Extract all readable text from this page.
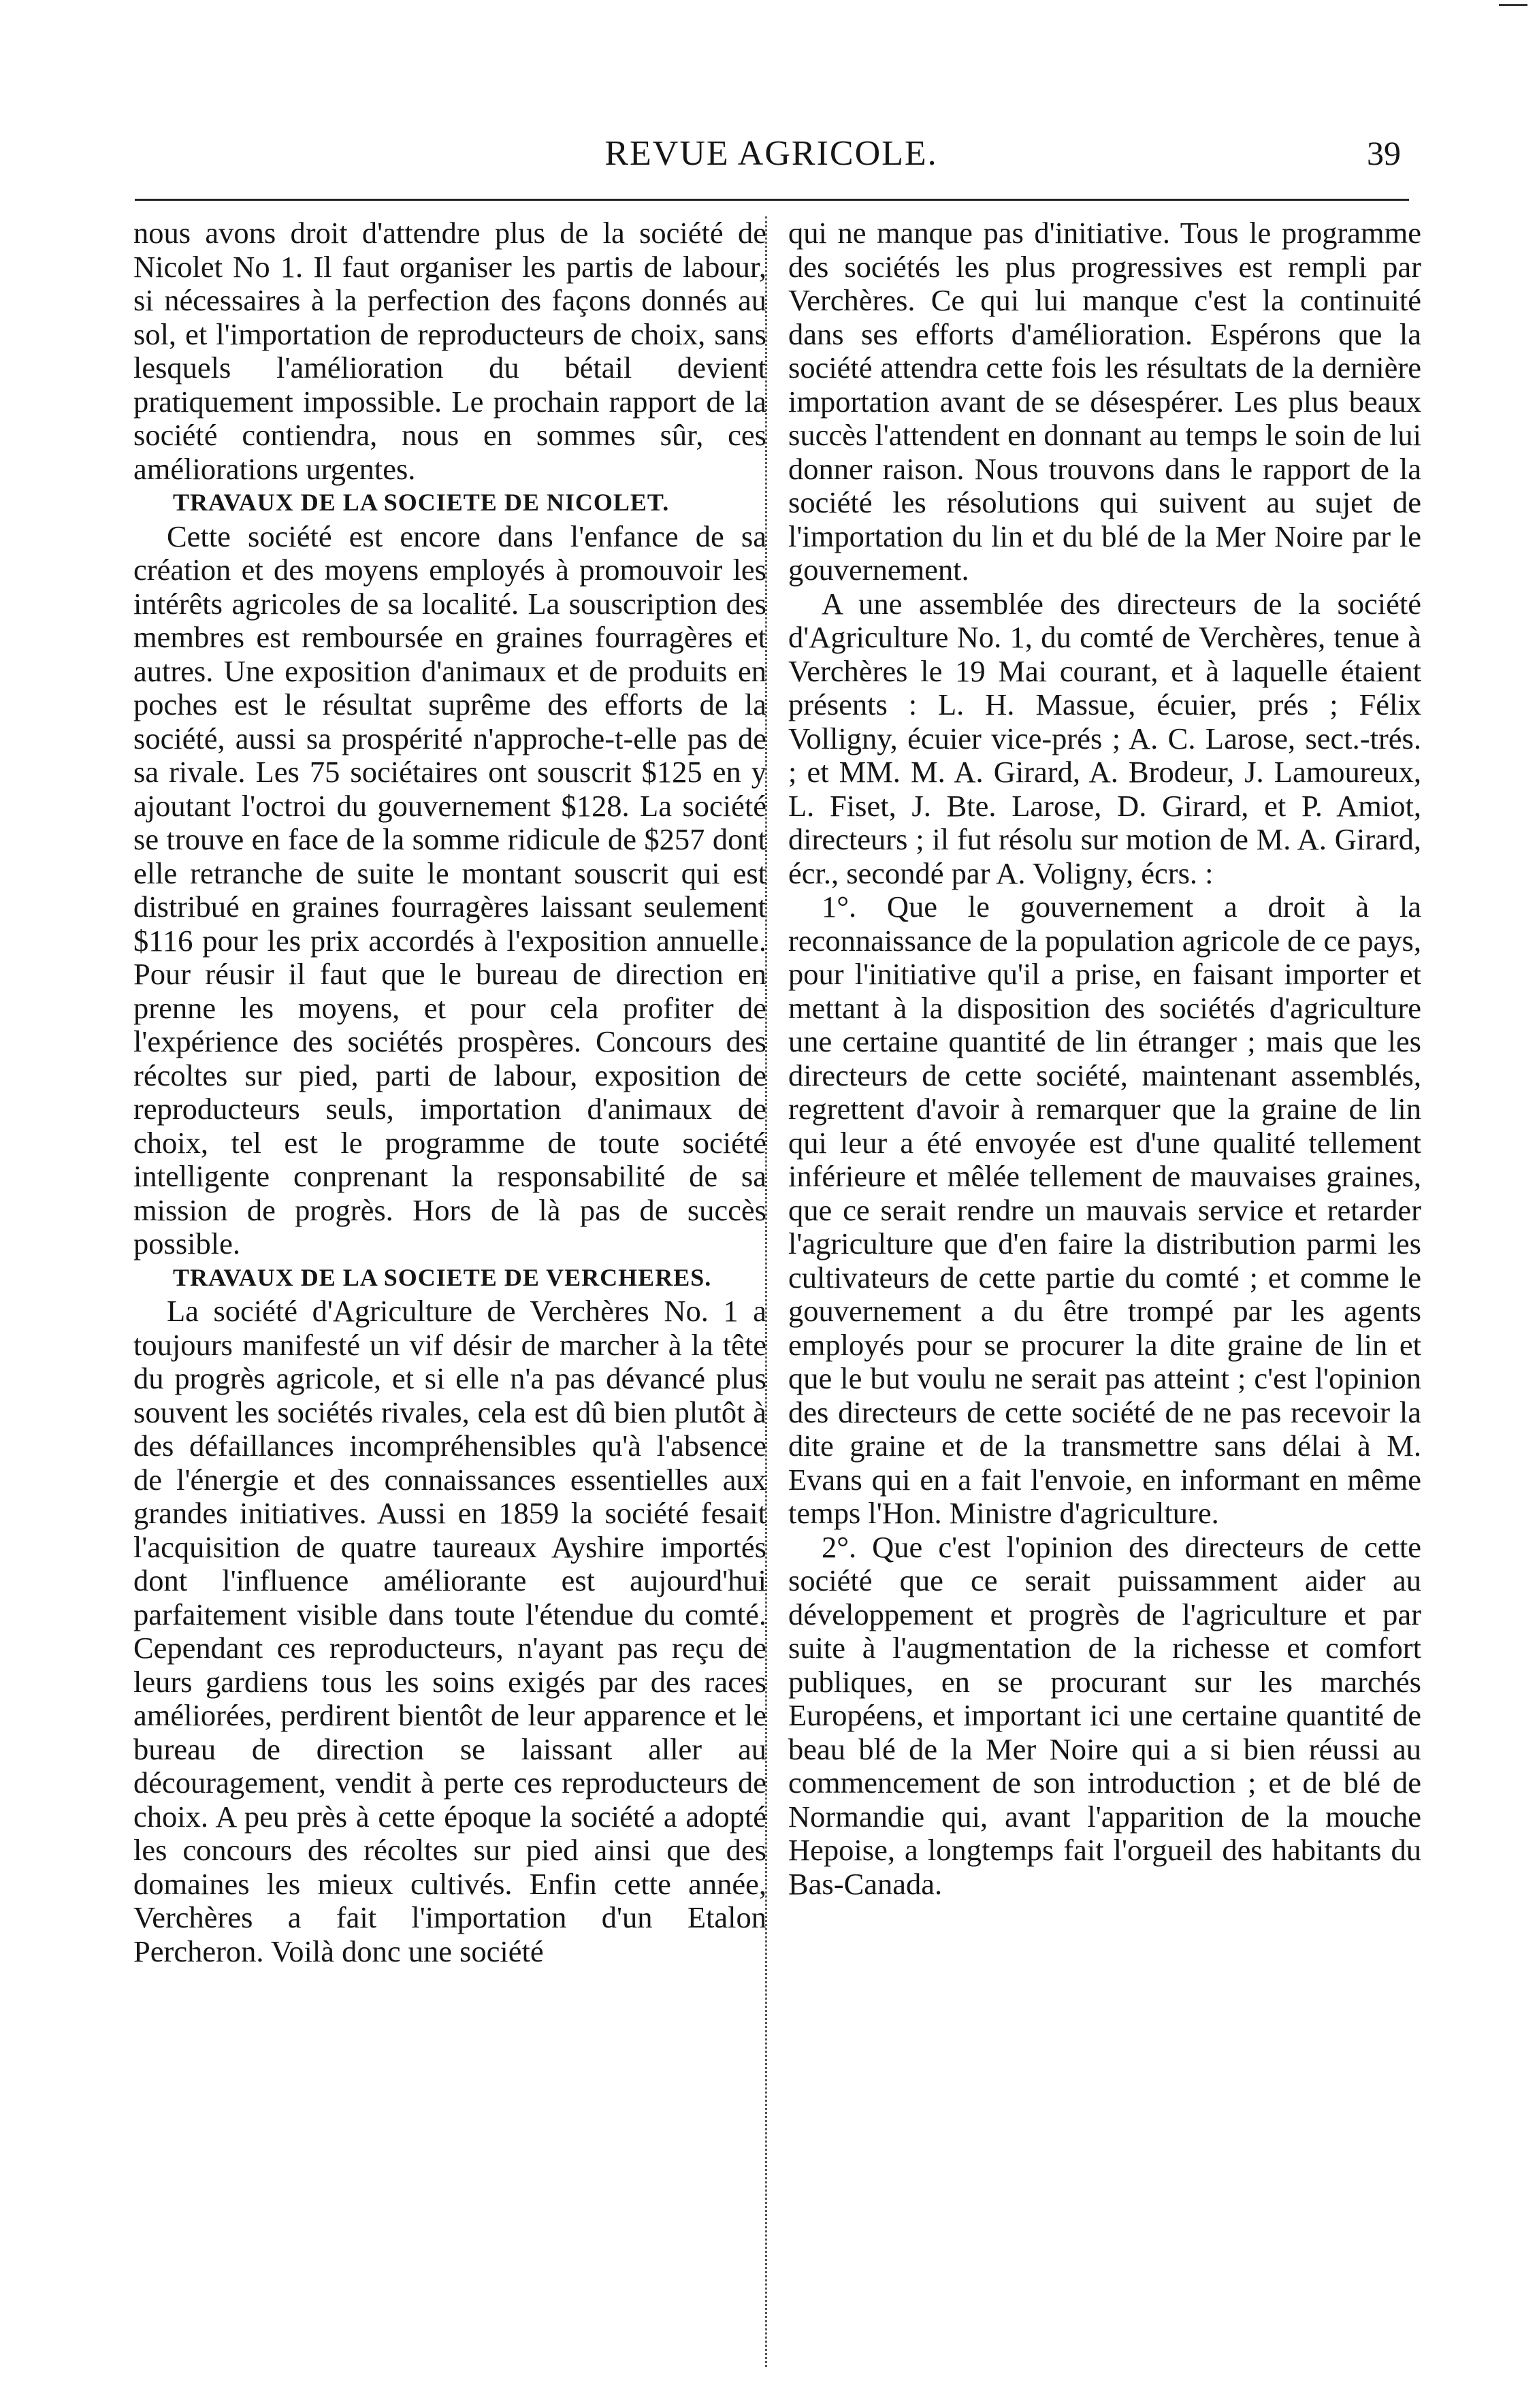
REVUE AGRICOLE.	39

nous avons droit d'attendre plus de la société de Nicolet No 1. Il faut organiser les partis de labour, si nécessaires à la perfection des façons donnés au sol, et l'importation de reproducteurs de choix, sans lesquels l'amélioration du bétail devient pratiquement impossible. Le prochain rapport de la société contiendra, nous en sommes sûr, ces améliorations urgentes.

TRAVAUX DE LA SOCIETE DE NICOLET.

Cette société est encore dans l'enfance de sa création et des moyens employés à promouvoir les intérêts agricoles de sa localité. La souscription des membres est remboursée en graines fourragères et autres. Une exposition d'animaux et de produits en poches est le résultat suprême des efforts de la société, aussi sa prospérité n'approche-t-elle pas de sa rivale. Les 75 sociétaires ont souscrit $125 en y ajoutant l'octroi du gouvernement $128. La société se trouve en face de la somme ridicule de $257 dont elle retranche de suite le montant souscrit qui est distribué en graines fourragères laissant seulement $116 pour les prix accordés à l'exposition annuelle. Pour réusir il faut que le bureau de direction en prenne les moyens, et pour cela profiter de l'expérience des sociétés prospères. Concours des récoltes sur pied, parti de labour, exposition de reproducteurs seuls, importation d'animaux de choix, tel est le programme de toute société intelligente conprenant la responsabilité de sa mission de progrès. Hors de là pas de succès possible.

TRAVAUX DE LA SOCIETE DE VERCHERES.

La société d'Agriculture de Verchères No. 1 a toujours manifesté un vif désir de marcher à la tête du progrès agricole, et si elle n'a pas dévancé plus souvent les sociétés rivales, cela est dû bien plutôt à des défaillances incompréhensibles qu'à l'absence de l'énergie et des connaissances essentielles aux grandes initiatives. Aussi en 1859 la société fesait l'acquisition de quatre taureaux Ayshire importés dont l'influence améliorante est aujourd'hui parfaitement visible dans toute l'étendue du comté. Cependant ces reproducteurs, n'ayant pas reçu de leurs gardiens tous les soins exigés par des races améliorées, perdirent bientôt de leur apparence et le bureau de direction se laissant aller au découragement, vendit à perte ces reproducteurs de choix. A peu près à cette époque la société a adopté les concours des récoltes sur pied ainsi que des domaines les mieux cultivés. Enfin cette année, Verchères a fait l'importation d'un Etalon Percheron. Voilà donc une société

qui ne manque pas d'initiative. Tous le programme des sociétés les plus progressives est rempli par Verchères. Ce qui lui manque c'est la continuité dans ses efforts d'amélioration. Espérons que la société attendra cette fois les résultats de la dernière importation avant de se désespérer. Les plus beaux succès l'attendent en donnant au temps le soin de lui donner raison. Nous trouvons dans le rapport de la société les résolutions qui suivent au sujet de l'importation du lin et du blé de la Mer Noire par le gouvernement.

A une assemblée des directeurs de la société d'Agriculture No. 1, du comté de Verchères, tenue à Verchères le 19 Mai courant, et à laquelle étaient présents : L. H. Massue, écuier, prés ; Félix Volligny, écuier vice-prés ; A. C. Larose, sect.-trés. ; et MM. M. A. Girard, A. Brodeur, J. Lamoureux, L. Fiset, J. Bte. Larose, D. Girard, et P. Amiot, directeurs ; il fut résolu sur motion de M. A. Girard, écr., secondé par A. Voligny, écrs. :

1°. Que le gouvernement a droit à la reconnaissance de la population agricole de ce pays, pour l'initiative qu'il a prise, en faisant importer et mettant à la disposition des sociétés d'agriculture une certaine quantité de lin étranger ; mais que les directeurs de cette société, maintenant assemblés, regrettent d'avoir à remarquer que la graine de lin qui leur a été envoyée est d'une qualité tellement inférieure et mêlée tellement de mauvaises graines, que ce serait rendre un mauvais service et retarder l'agriculture que d'en faire la distribution parmi les cultivateurs de cette partie du comté ; et comme le gouvernement a du être trompé par les agents employés pour se procurer la dite graine de lin et que le but voulu ne serait pas atteint ; c'est l'opinion des directeurs de cette société de ne pas recevoir la dite graine et de la transmettre sans délai à M. Evans qui en a fait l'envoie, en informant en même temps l'Hon. Ministre d'agriculture.

2°. Que c'est l'opinion des directeurs de cette société que ce serait puissamment aider au développement et progrès de l'agriculture et par suite à l'augmentation de la richesse et comfort publiques, en se procurant sur les marchés Européens, et important ici une certaine quantité de beau blé de la Mer Noire qui a si bien réussi au commencement de son introduction ; et de blé de Normandie qui, avant l'apparition de la mouche Hepoise, a longtemps fait l'orgueil des habitants du Bas-Canada.
